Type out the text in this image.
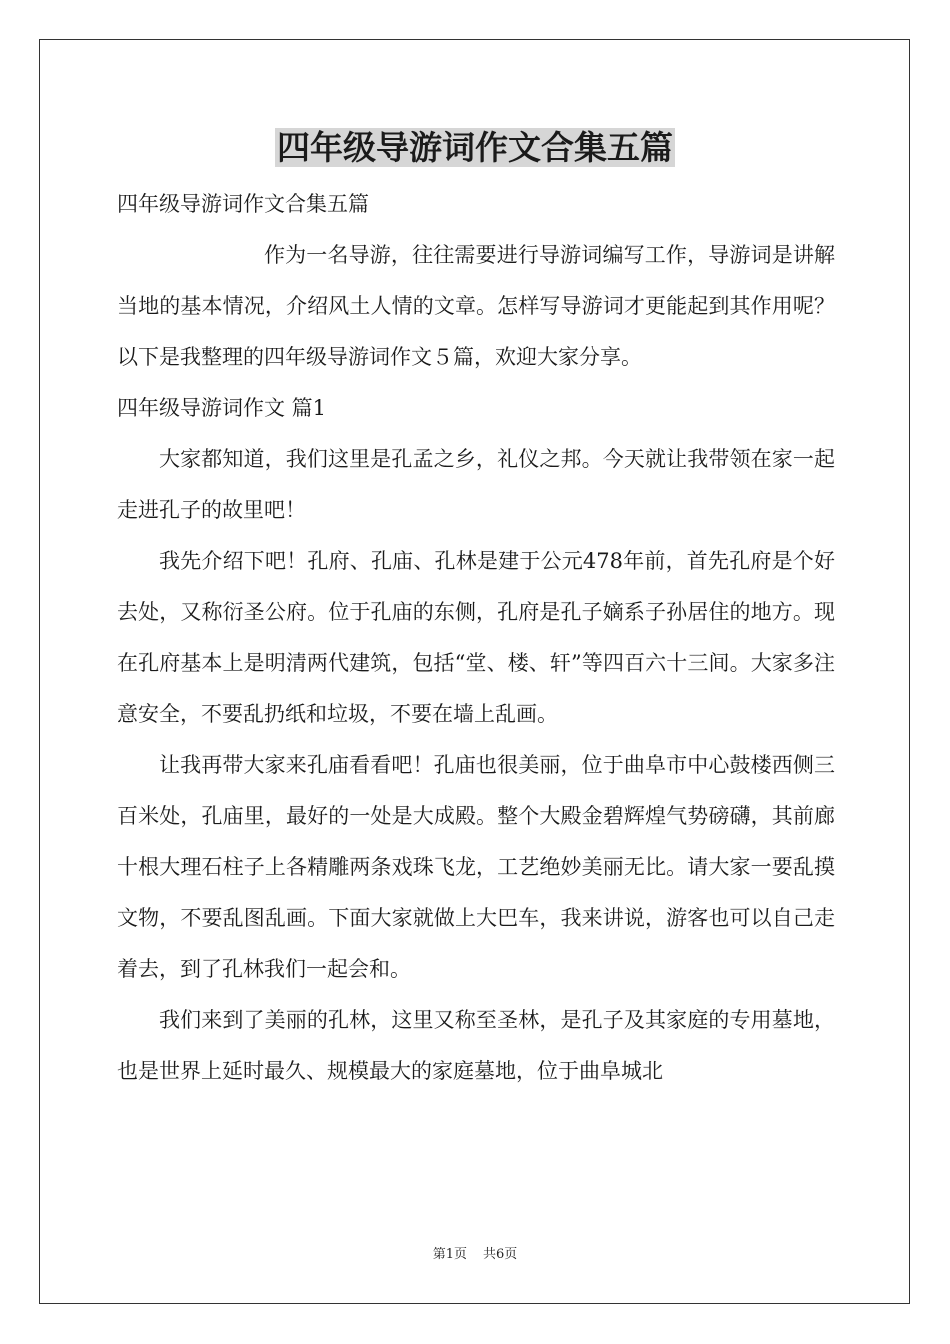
四年级导游词作文合集五篇

四年级导游词作文合集五篇

作为一名导游，往往需要进行导游词编写工作，导游词是讲解当地的基本情况，介绍风土人情的文章。怎样写导游词才更能起到其作用呢？以下是我整理的四年级导游词作文５篇，欢迎大家分享。

四年级导游词作文 篇1

大家都知道，我们这里是孔孟之乡，礼仪之邦。今天就让我带领在家一起走进孔子的故里吧！

我先介绍下吧！孔府、孔庙、孔林是建于公元478年前，首先孔府是个好去处，又称衍圣公府。位于孔庙的东侧，孔府是孔子嫡系子孙居住的地方。现在孔府基本上是明清两代建筑，包括“堂、楼、轩”等四百六十三间。大家多注意安全，不要乱扔纸和垃圾，不要在墙上乱画。

让我再带大家来孔庙看看吧！孔庙也很美丽，位于曲阜市中心鼓楼西侧三百米处，孔庙里，最好的一处是大成殿。整个大殿金碧辉煌气势磅礴，其前廊十根大理石柱子上各精雕两条戏珠飞龙，工艺绝妙美丽无比。请大家一要乱摸文物，不要乱图乱画。下面大家就做上大巴车，我来讲说，游客也可以自己走着去，到了孔林我们一起会和。

我们来到了美丽的孔林，这里又称至圣林，是孔子及其家庭的专用墓地，也是世界上延时最久、规模最大的家庭墓地，位于曲阜城北

第1页 共6页
